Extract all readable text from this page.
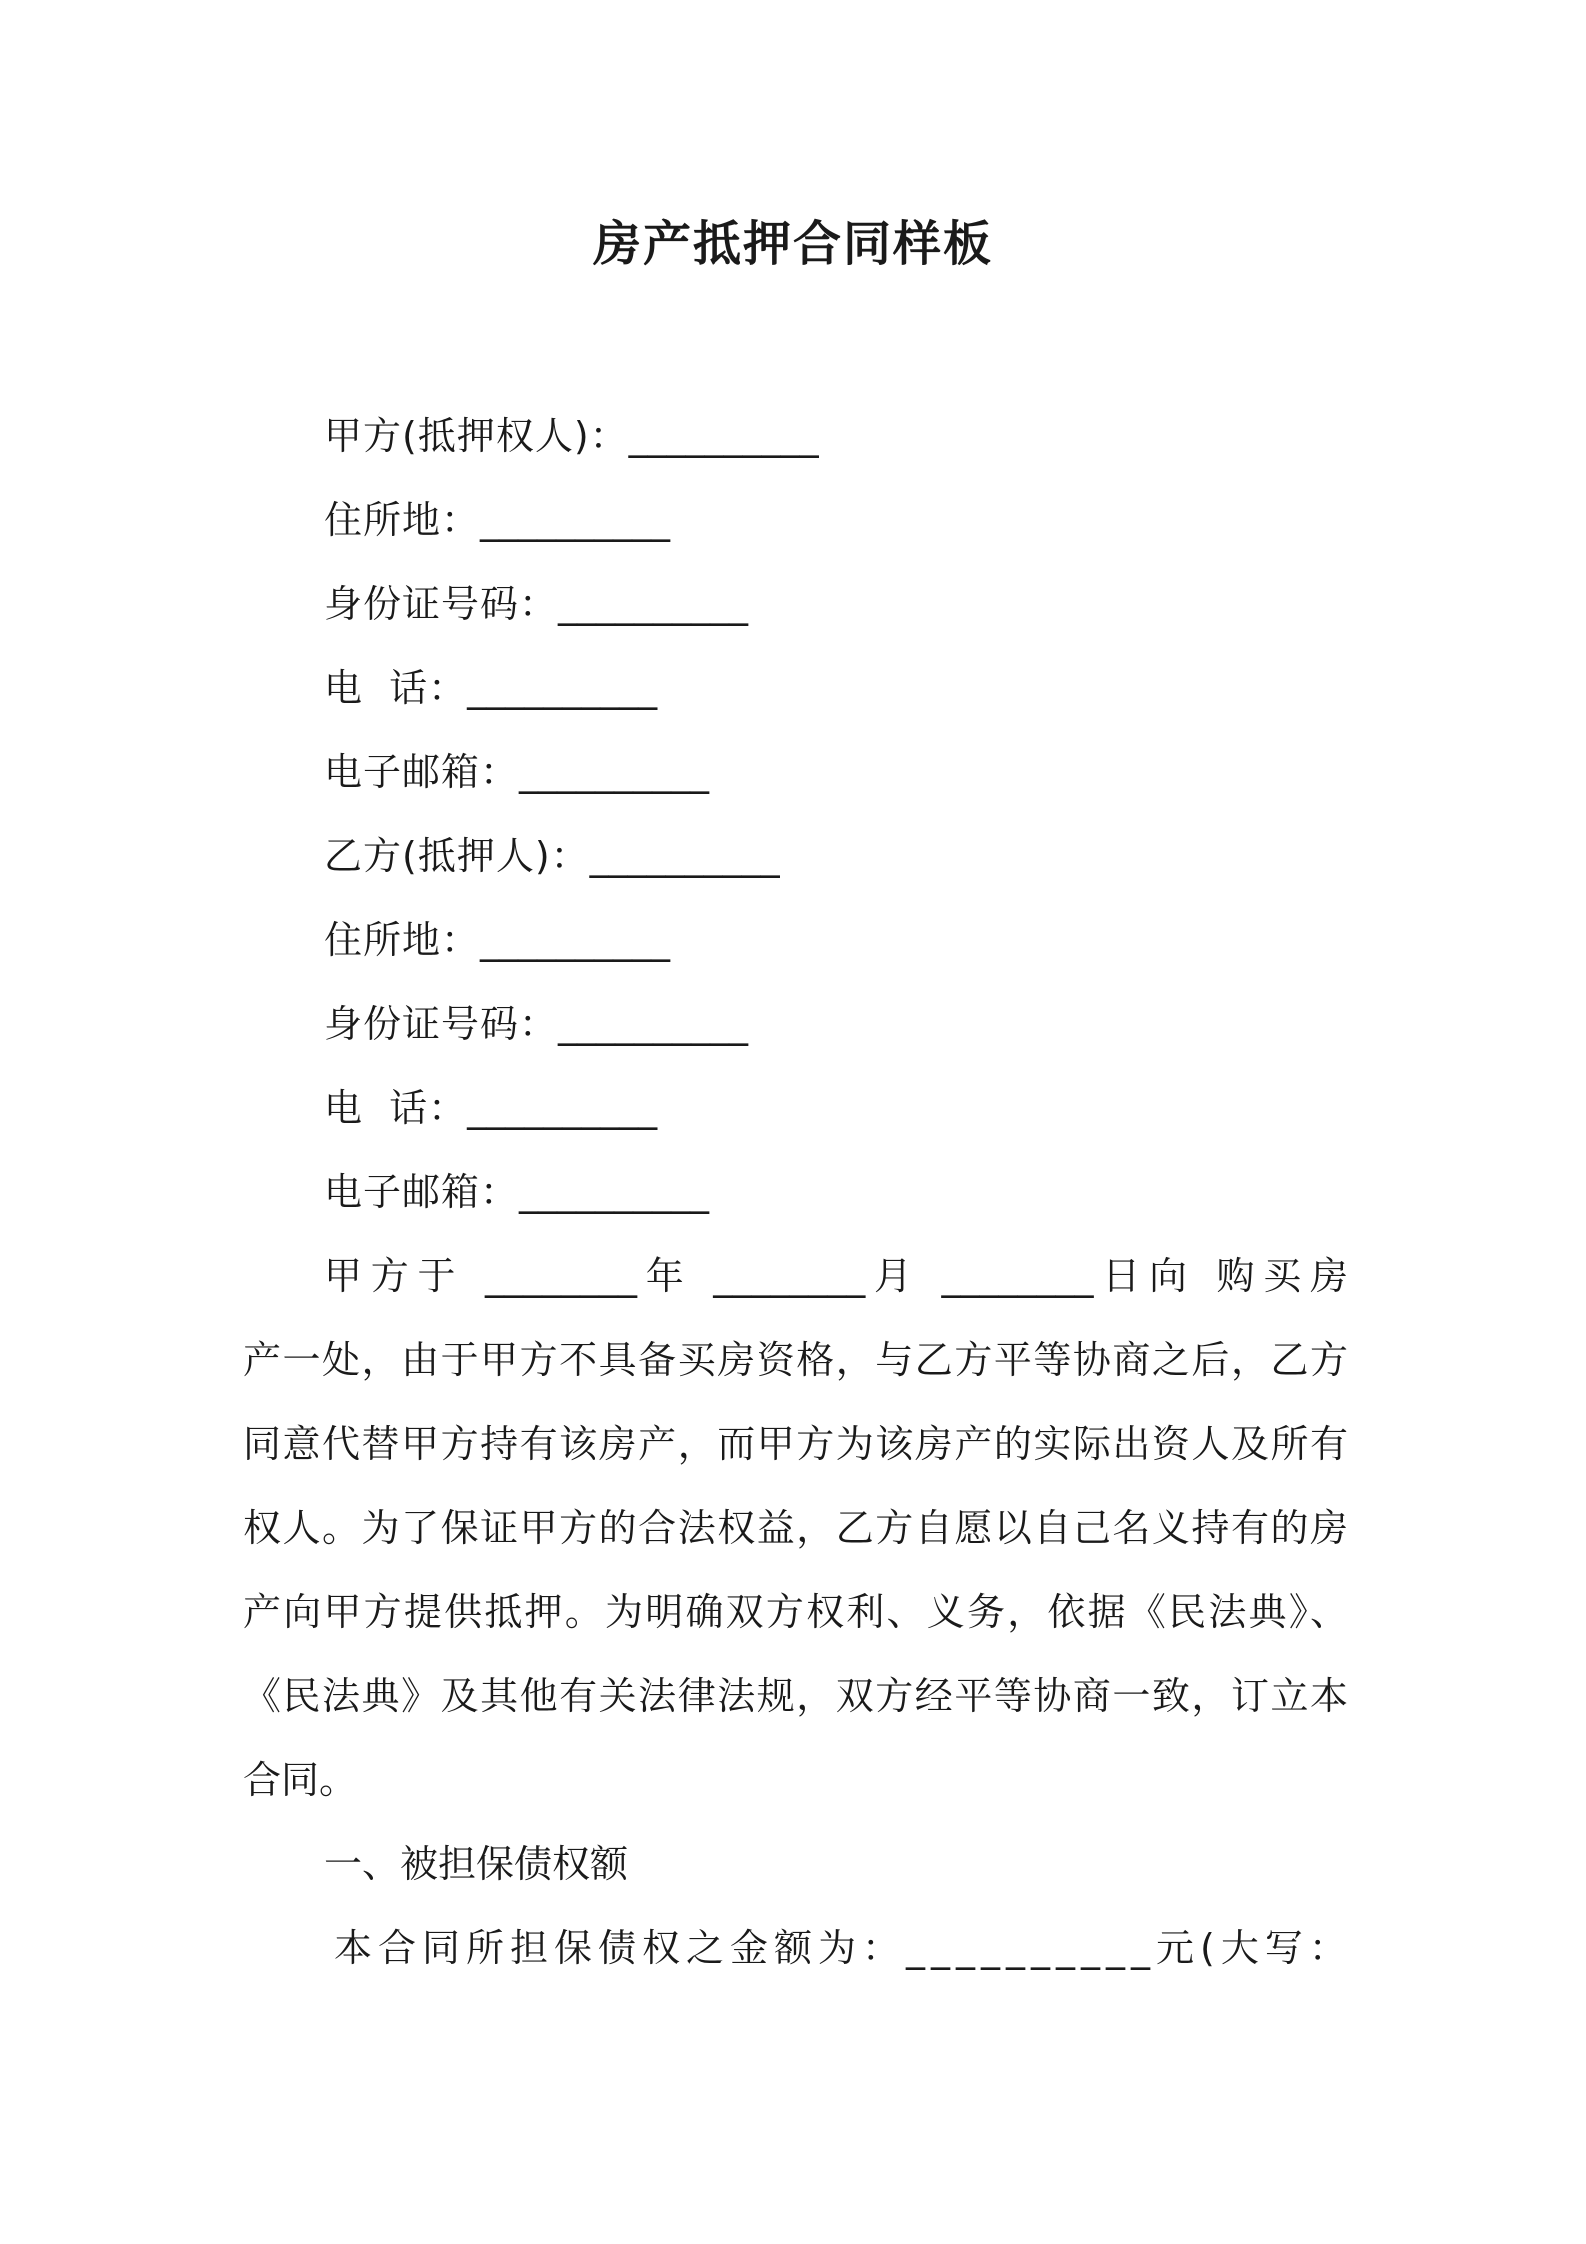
房产抵押合同样板
甲方(抵押权人)：__________
住所地：__________
身份证号码：__________
电  话：__________
电子邮箱：__________
乙方(抵押人)：__________
住所地：__________
身份证号码：__________
电  话：__________
电子邮箱：__________
甲方于 ________年 ________月 ________日向 购买房
产一处，由于甲方不具备买房资格，与乙方平等协商之后，乙方
同意代替甲方持有该房产，而甲方为该房产的实际出资人及所有
权人。为了保证甲方的合法权益，乙方自愿以自己名义持有的房
产向甲方提供抵押。为明确双方权利、义务，依据《民法典》、
《民法典》及其他有关法律法规，双方经平等协商一致，订立本
合同。
一、被担保债权额
本合同所担保债权之金额为：__________元(大写：
